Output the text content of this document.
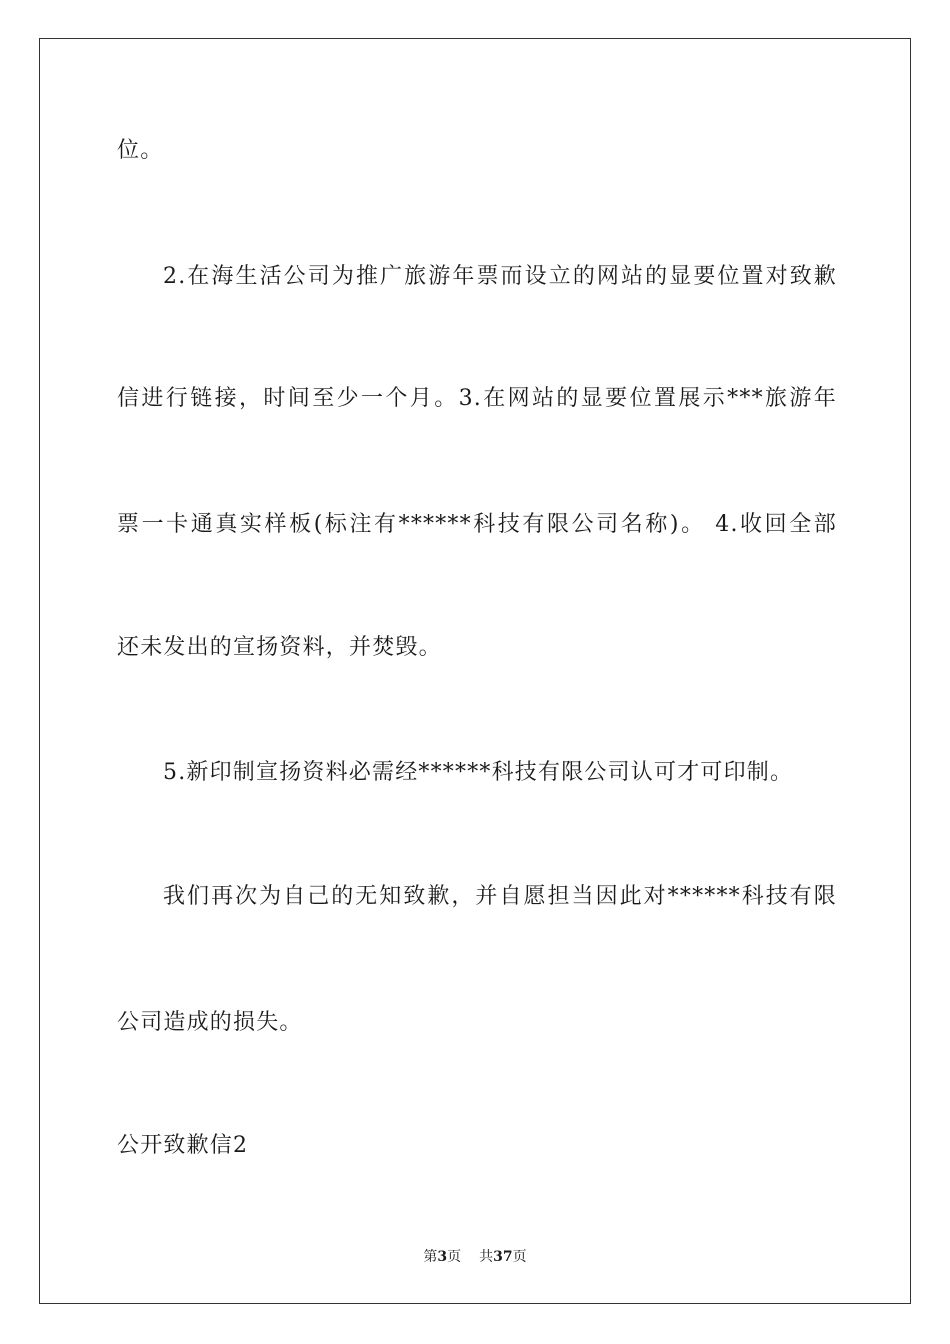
位。
2.在海生活公司为推广旅游年票而设立的网站的显要位置对致歉
信进行链接，时间至少一个月。3.在网站的显要位置展示***旅游年
票一卡通真实样板(标注有******科技有限公司名称)。 4.收回全部
还未发出的宣扬资料，并焚毁。
5.新印制宣扬资料必需经******科技有限公司认可才可印制。
我们再次为自己的无知致歉，并自愿担当因此对******科技有限
公司造成的损失。
公开致歉信2
第3页 共37页
